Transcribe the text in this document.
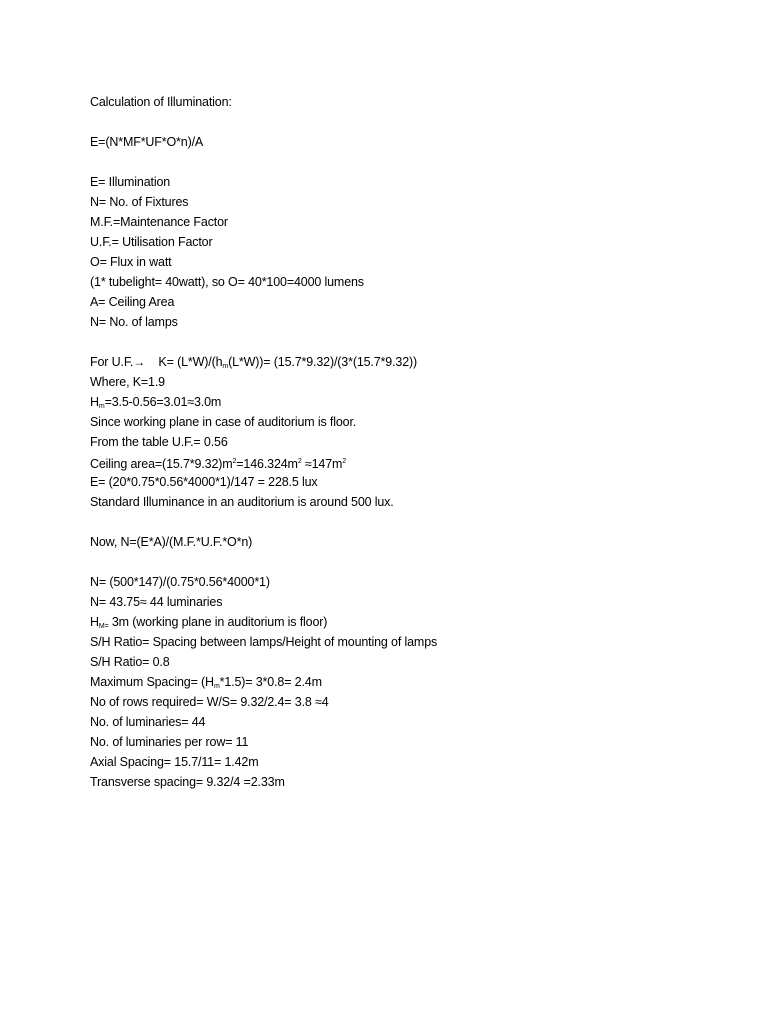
Calculation of Illumination:
E=(N*MF*UF*O*n)/A
E= Illumination
N= No. of Fixtures
M.F.=Maintenance Factor
U.F.= Utilisation Factor
O= Flux in watt
(1* tubelight= 40watt), so O= 40*100=4000 lumens
A= Ceiling Area
N= No. of lamps
For $U.F.\to K= (L*W)/(h_m(L*W))= (15.7*9.32)/(3*(15.7*9.32))$
Where, K=1.9
$H_m=3.5-0.56=3.01\approx 3.0m$
Since working plane in case of auditorium is floor.
From the table U.F.= 0.56
Ceiling $area=(15.7*9.32)m^2=146.324m^2 \approx 147m^2$
E= (20*0.75*0.56*4000*1)/147 = 228.5 lux
Standard Illuminance in an auditorium is around 500 lux.
Now, N=(E*A)/(M.F.*U.F.*O*n)
N= (500*147)/(0.75*0.56*4000*1)
N= 43.75≈ 44 luminaries
$H_{M=}$ 3m (working plane in auditorium is floor)
S/H Ratio= Spacing between lamps/Height of mounting of lamps
S/H Ratio= 0.8
Maximum Spacing= $(H_m*1.5)= 3*0.8= 2.4m$
No of rows required= W/S= 9.32/2.4= 3.8 ≈4
No. of luminaries= 44
No. of luminaries per row= 11
Axial Spacing= 15.7/11= 1.42m
Transverse spacing= 9.32/4 =2.33m
